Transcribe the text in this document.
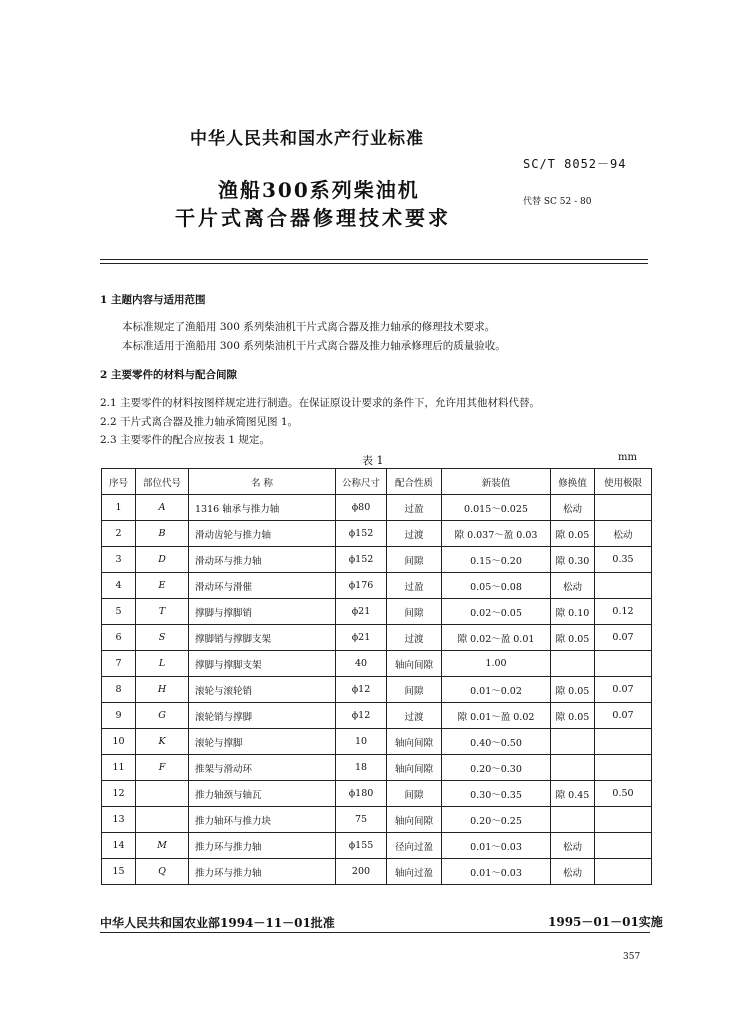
中华人民共和国水产行业标准
SC/T 8052－94
渔船300系列柴油机
干片式离合器修理技术要求
代替 SC 52 - 80
1 主题内容与适用范围
本标准规定了渔船用 300 系列柴油机干片式离合器及推力轴承的修理技术要求。
本标准适用于渔船用 300 系列柴油机干片式离合器及推力轴承修理后的质量验收。
2 主要零件的材料与配合间隙
2.1 主要零件的材料按图样规定进行制造。在保证原设计要求的条件下，允许用其他材料代替。
2.2 干片式离合器及推力轴承简图见图 1。
2.3 主要零件的配合应按表 1 规定。
表 1	mm
序号	部位代号	名 称	公称尺寸	配合性质	新装值	修换值	使用极限
1	A	1316 轴承与推力轴	ϕ80	过盈	0.015～0.025	松动	
2	B	滑动齿轮与推力轴	ϕ152	过渡	隙 0.037～盈 0.03	隙 0.05	松动
3	D	滑动环与推力轴	ϕ152	间隙	0.15～0.20	隙 0.30	0.35
4	E	滑动环与滑催	ϕ176	过盈	0.05～0.08	松动	
5	T	撑脚与撑脚销	ϕ21	间隙	0.02～0.05	隙 0.10	0.12
6	S	撑脚销与撑脚支架	ϕ21	过渡	隙 0.02～盈 0.01	隙 0.05	0.07
7	L	撑脚与撑脚支架	40	轴向间隙	1.00		
8	H	滚轮与滚轮销	ϕ12	间隙	0.01～0.02	隙 0.05	0.07
9	G	滚轮销与撑脚	ϕ12	过渡	隙 0.01～盈 0.02	隙 0.05	0.07
10	K	滚轮与撑脚	10	轴向间隙	0.40～0.50		
11	F	推架与滑动环	18	轴向间隙	0.20～0.30		
12		推力轴颈与轴瓦	ϕ180	间隙	0.30～0.35	隙 0.45	0.50
13		推力轴环与推力块	75	轴向间隙	0.20～0.25		
14	M	推力环与推力轴	ϕ155	径向过盈	0.01～0.03	松动	
15	Q	推力环与推力轴	200	轴向过盈	0.01～0.03	松动	
中华人民共和国农业部1994－11－01批准	1995－01－01实施
357
